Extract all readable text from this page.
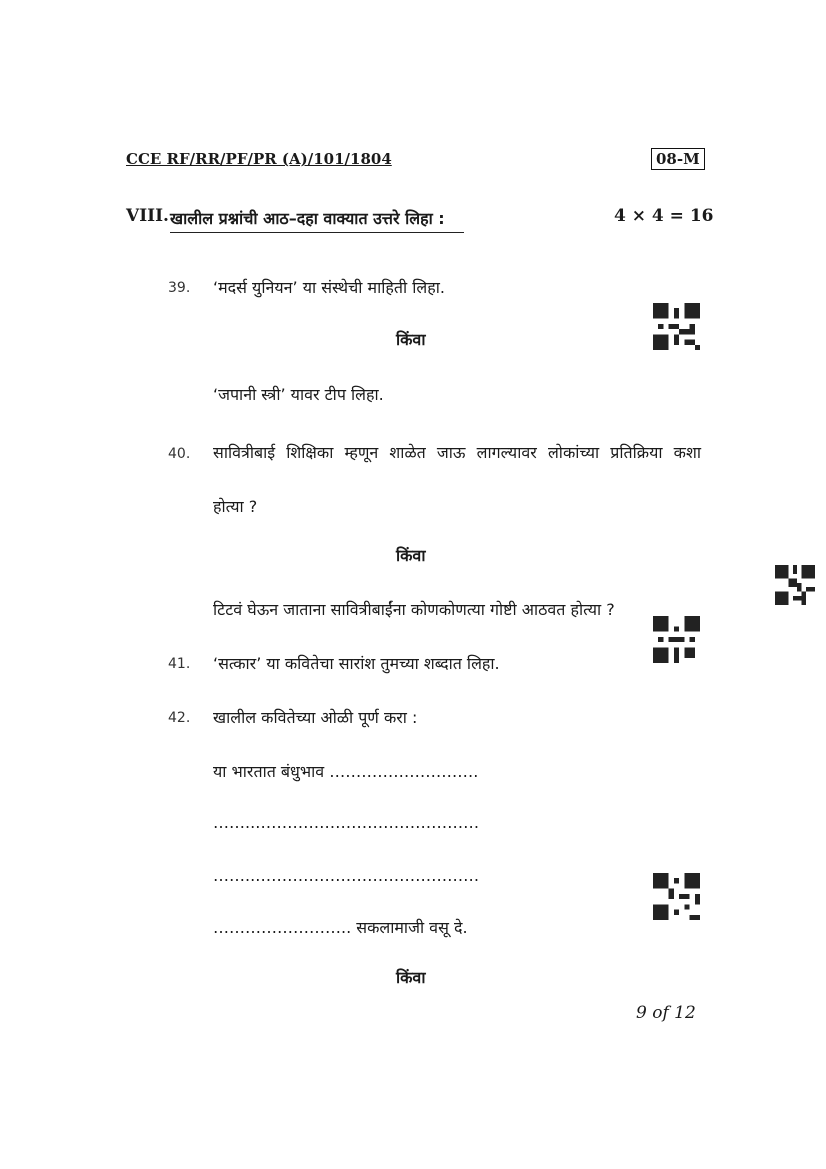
CCE RF/RR/PF/PR (A)/101/1804	08-M
VIII. खालील प्रश्नांची आठ–दहा वाक्यात उत्तरे लिहा :	4 × 4 = 16
39. ‘मदर्स युनियन’ या संस्थेची माहिती लिहा.
किंवा
‘जपानी स्त्री’ यावर टीप लिहा.
40. सावित्रीबाई शिक्षिका म्हणून शाळेत जाऊ लागल्यावर लोकांच्या प्रतिक्रिया कशा
होत्या ?
किंवा
टिटवं घेऊन जाताना सावित्रीबाईंना कोणकोणत्या गोष्टी आठवत होत्या ?
41. ‘सत्कार’ या कवितेचा सारांश तुमच्या शब्दात लिहा.
42. खालील कवितेच्या ओळी पूर्ण करा :
या भारतात बंधुभाव ……………………….
……..……………………………………
……..……………………………………
…………………….. सकलामाजी वसू दे.
किंवा
9 of 12
